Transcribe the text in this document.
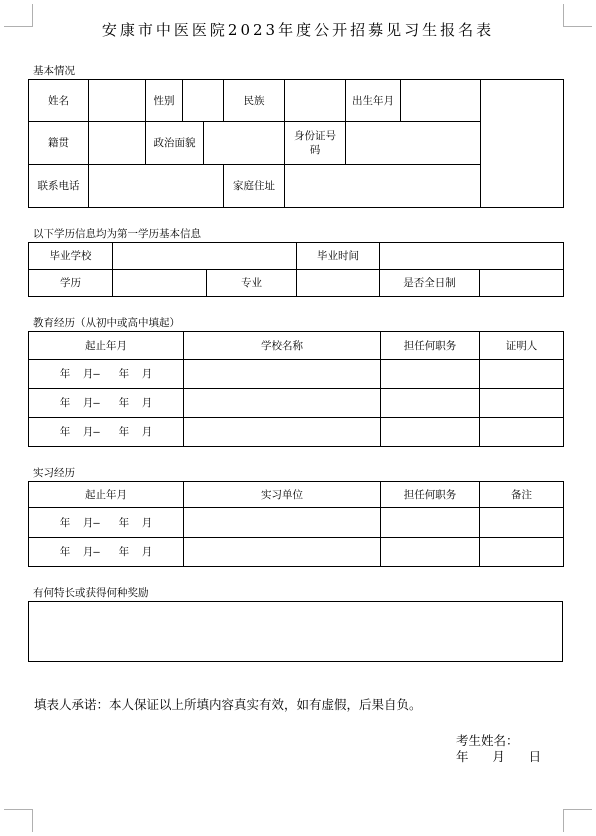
安康市中医医院2023年度公开招募见习生报名表
基本情况
姓名		性别			民族		出生年月		
籍贯		政治面貌				身份证号码			
联系电话					家庭住址				
以下学历信息均为第一学历基本信息
毕业学校			毕业时间		
学历		专业		是否全日制	
教育经历（从初中或高中填起）
起止年月	学校名称	担任何职务	证明人
年  月—   年  月			
年  月—   年  月			
年  月—   年  月			
实习经历
起止年月	实习单位	担任何职务	备注
年  月—   年  月			
年  月—   年  月			
有何特长或获得何种奖励
填表人承诺：本人保证以上所填内容真实有效，如有虚假，后果自负。
考生姓名：
年      月      日
